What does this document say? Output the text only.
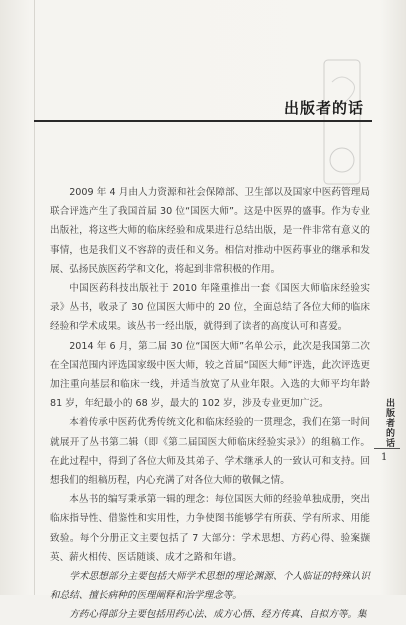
出版者的话

2009 年 4 月由人力资源和社会保障部、卫生部以及国家中医药管理局联合评选产生了我国首届 30 位“国医大师”。这是中医界的盛事。作为专业出版社，将这些大师的临床经验和成果进行总结出版，是一件非常有意义的事情，也是我们义不容辞的责任和义务。相信对推动中医药事业的继承和发展、弘扬民族医药学和文化，将起到非常积极的作用。

中国医药科技出版社于 2010 年隆重推出一套《国医大师临床经验实录》丛书，收录了 30 位国医大师中的 20 位，全面总结了各位大师的临床经验和学术成果。该丛书一经出版，就得到了读者的高度认可和喜爱。

2014 年 6 月，第二届 30 位“国医大师”名单公示，此次是我国第二次在全国范围内评选国家级中医大师，较之首届“国医大师”评选，此次评选更加注重向基层和临床一线，并适当放宽了从业年限。入选的大师平均年龄 81 岁，年纪最小的 68 岁，最大的 102 岁，涉及专业更加广泛。

本着传承中医药优秀传统文化和临床经验的一贯理念，我们在第一时间就展开了丛书第二辑（即《第二届国医大师临床经验实录》）的组稿工作。在此过程中，得到了各位大师及其弟子、学术继承人的一致认可和支持。回想我们的组稿历程，内心充满了对各位大师的敬佩之情。

本丛书的编写秉承第一辑的理念：每位国医大师的经验单独成册，突出临床指导性、借鉴性和实用性，力争使图书能够学有所获、学有所求、用能致验。每个分册正文主要包括了 7 大部分：学术思想、方药心得、验案撷英、薪火相传、医话随谈、成才之路和年谱。

学术思想部分主要包括大师学术思想的理论渊源、个人临证的特殊认识和总结、擅长病种的医理阐释和治学理念等。

方药心得部分主要包括用药心法、成方心悟、经方传真、自拟方等。集

出版者的话
1
